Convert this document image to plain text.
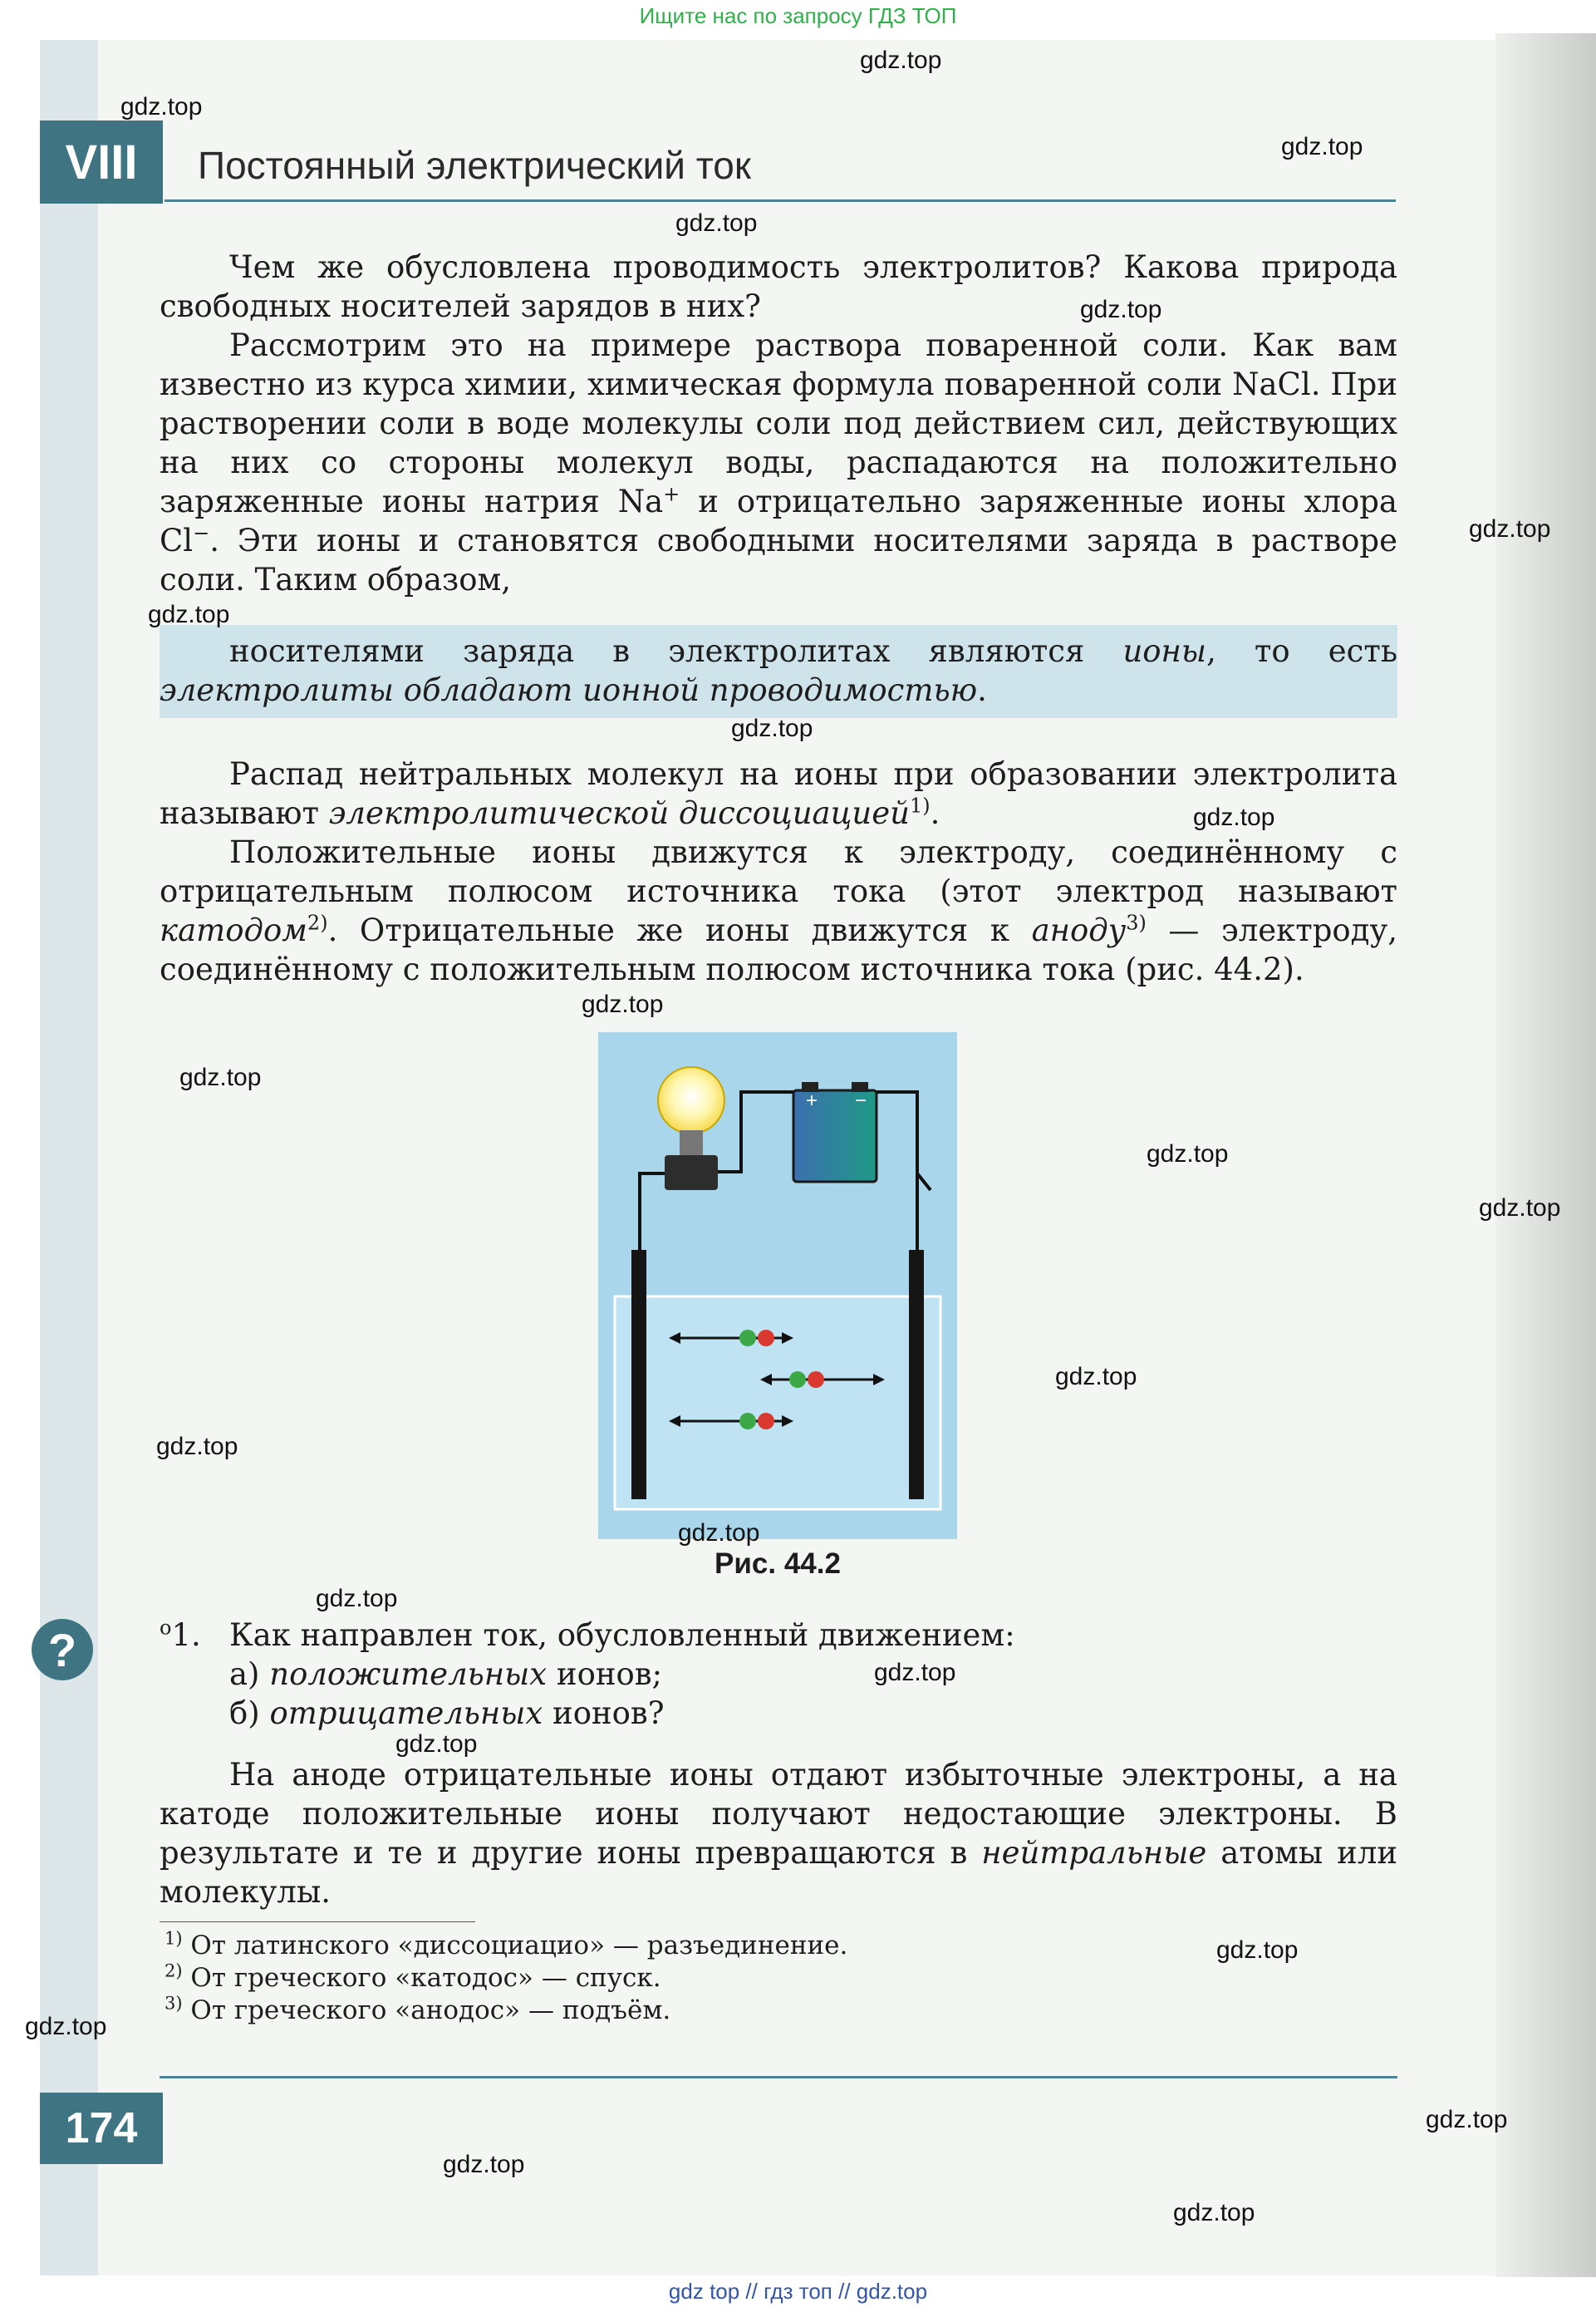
Ищите нас по запросу ГДЗ ТОП
VIII	Постоянный электрический ток

Чем же обусловлена проводимость электролитов? Какова природа свободных носителей зарядов в них?

Рассмотрим это на примере раствора поваренной соли. Как вам известно из курса химии, химическая формула поваренной соли NaCl. При растворении соли в воде молекулы соли под действием сил, действующих на них со стороны молекул воды, распадаются на положительно заряженные ионы натрия Na+ и отрицательно заряженные ионы хлора Cl−. Эти ионы и становятся свободными носителями заряда в растворе соли. Таким образом,

носителями заряда в электролитах являются ионы, то есть электролиты обладают ионной проводимостью.

Распад нейтральных молекул на ионы при образовании электролита называют электролитической диссоциацией$^{1)}$.

Положительные ионы движутся к электроду, соединённому с отрицательным полюсом источника тока (этот электрод называют катодом$^{2)}$. Отрицательные же ионы движутся к аноду$^{3)}$ — электроду, соединённому с положительным полюсом источника тока (рис. 44.2).

+ −
Рис. 44.2
?	$^о$1. Как направлен ток, обусловленный движением:
а) положительных ионов;
б) отрицательных ионов?

На аноде отрицательные ионы отдают избыточные электроны, а на катоде положительные ионы получают недостающие электроны. В результате и те и другие ионы превращаются в нейтральные атомы или молекулы.

$^{1)}$ От латинского «диссоциацио» — разъединение.
$^{2)}$ От греческого «катодос» — спуск.
$^{3)}$ От греческого «анодос» — подъём.
174
gdz.top
gdz.top
gdz.top
gdz.top
gdz.top
gdz.top
gdz.top
gdz.top
gdz.top
gdz.top
gdz.top
gdz.top
gdz.top
gdz.top
gdz.top
gdz.top
gdz.top
gdz.top
gdz.top
gdz.top
gdz.top
gdz.top
gdz.top
gdz.top
gdz top // гдз топ // gdz.top
